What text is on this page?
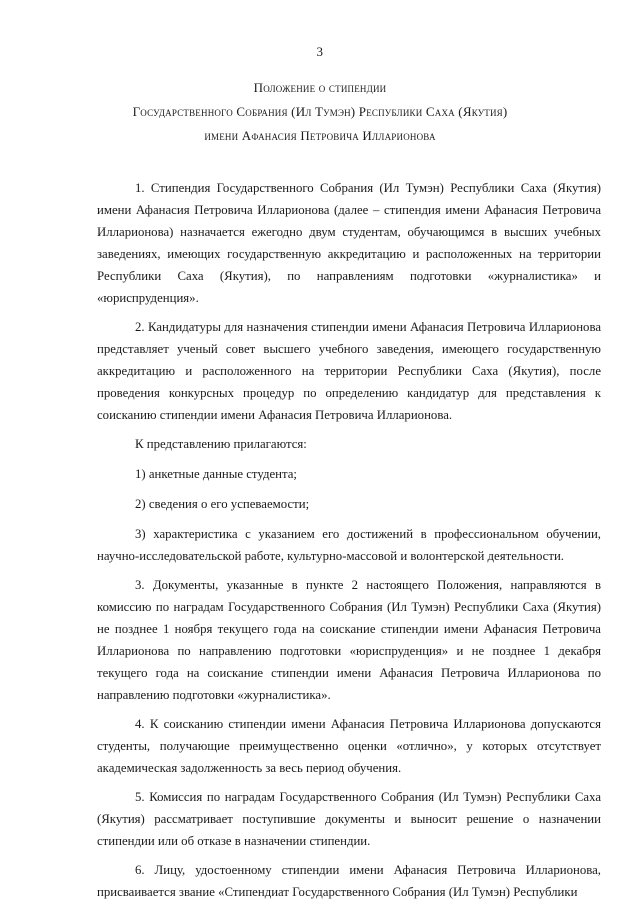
3
Положение о стипендии
Государственного Собрания (Ил Тумэн) Республики Саха (Якутия)
имени Афанасия Петровича Илларионова

1. Стипендия Государственного Собрания (Ил Тумэн) Республики Саха (Якутия) имени Афанасия Петровича Илларионова (далее – стипендия имени Афанасия Петровича Илларионова) назначается ежегодно двум студентам, обучающимся в высших учебных заведениях, имеющих государственную аккредитацию и расположенных на территории Республики Саха (Якутия), по направлениям подготовки «журналистика» и «юриспруденция».

2. Кандидатуры для назначения стипендии имени Афанасия Петровича Илларионова представляет ученый совет высшего учебного заведения, имеющего государственную аккредитацию и расположенного на территории Республики Саха (Якутия), после проведения конкурсных процедур по определению кандидатур для представления к соисканию стипендии имени Афанасия Петровича Илларионова.

К представлению прилагаются:

1) анкетные данные студента;

2) сведения о его успеваемости;

3) характеристика с указанием его достижений в профессиональном обучении, научно-исследовательской работе, культурно-массовой и волонтерской деятельности.

3. Документы, указанные в пункте 2 настоящего Положения, направляются в комиссию по наградам Государственного Собрания (Ил Тумэн) Республики Саха (Якутия) не позднее 1 ноября текущего года на соискание стипендии имени Афанасия Петровича Илларионова по направлению подготовки «юриспруденция» и не позднее 1 декабря текущего года на соискание стипендии имени Афанасия Петровича Илларионова по направлению подготовки «журналистика».

4. К соисканию стипендии имени Афанасия Петровича Илларионова допускаются студенты, получающие преимущественно оценки «отлично», у которых отсутствует академическая задолженность за весь период обучения.

5. Комиссия по наградам Государственного Собрания (Ил Тумэн) Республики Саха (Якутия) рассматривает поступившие документы и выносит решение о назначении стипендии или об отказе в назначении стипендии.

6. Лицу, удостоенному стипендии имени Афанасия Петровича Илларионова, присваивается звание «Стипендиат Государственного Собрания (Ил Тумэн) Республики
